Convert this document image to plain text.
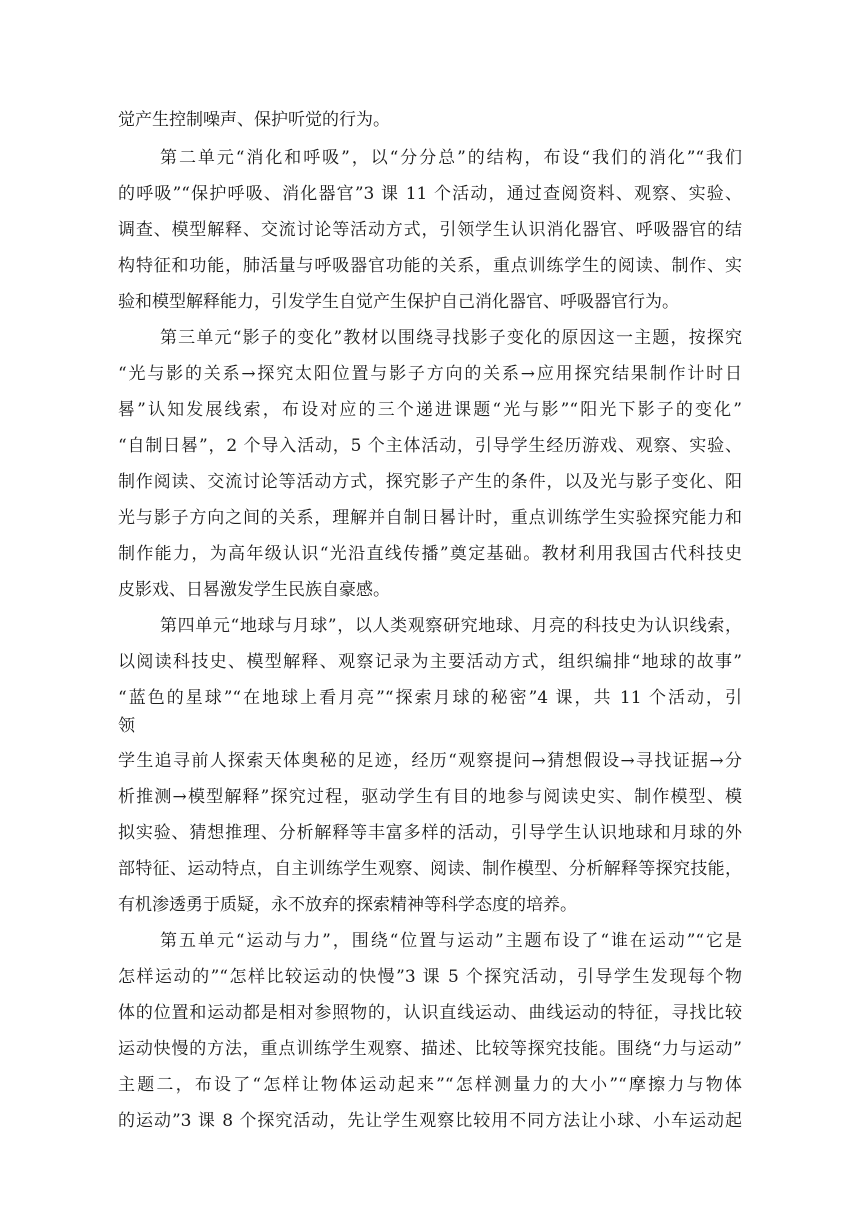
觉产生控制噪声、保护听觉的行为。
第二单元“消化和呼吸”，以“分分总”的结构，布设“我们的消化”“我们
的呼吸”“保护呼吸、消化器官”3 课 11 个活动，通过查阅资料、观察、实验、
调查、模型解释、交流讨论等活动方式，引领学生认识消化器官、呼吸器官的结
构特征和功能，肺活量与呼吸器官功能的关系，重点训练学生的阅读、制作、实
验和模型解释能力，引发学生自觉产生保护自己消化器官、呼吸器官行为。
第三单元“影子的变化”教材以围绕寻找影子变化的原因这一主题，按探究
“光与影的关系→探究太阳位置与影子方向的关系→应用探究结果制作计时日
晷”认知发展线索，布设对应的三个递进课题“光与影”“阳光下影子的变化”
“自制日晷”，2 个导入活动，5 个主体活动，引导学生经历游戏、观察、实验、
制作阅读、交流讨论等活动方式，探究影子产生的条件，以及光与影子变化、阳
光与影子方向之间的关系，理解并自制日晷计时，重点训练学生实验探究能力和
制作能力，为高年级认识“光沿直线传播”奠定基础。教材利用我国古代科技史
皮影戏、日晷激发学生民族自豪感。
第四单元“地球与月球”，以人类观察研究地球、月亮的科技史为认识线索，
以阅读科技史、模型解释、观察记录为主要活动方式，组织编排“地球的故事”
“蓝色的星球”“在地球上看月亮”“探索月球的秘密”4 课，共 11 个活动，引
领
学生追寻前人探索天体奥秘的足迹，经历“观察提问→猜想假设→寻找证据→分
析推测→模型解释”探究过程，驱动学生有目的地参与阅读史实、制作模型、模
拟实验、猜想推理、分析解释等丰富多样的活动，引导学生认识地球和月球的外
部特征、运动特点，自主训练学生观察、阅读、制作模型、分析解释等探究技能，
有机渗透勇于质疑，永不放弃的探索精神等科学态度的培养。
第五单元“运动与力”，围绕“位置与运动”主题布设了“谁在运动”“它是
怎样运动的”“怎样比较运动的快慢”3 课 5 个探究活动，引导学生发现每个物
体的位置和运动都是相对参照物的，认识直线运动、曲线运动的特征，寻找比较
运动快慢的方法，重点训练学生观察、描述、比较等探究技能。围绕“力与运动”
主题二，布设了“怎样让物体运动起来”“怎样测量力的大小”“摩擦力与物体
的运动”3 课 8 个探究活动，先让学生观察比较用不同方法让小球、小车运动起
